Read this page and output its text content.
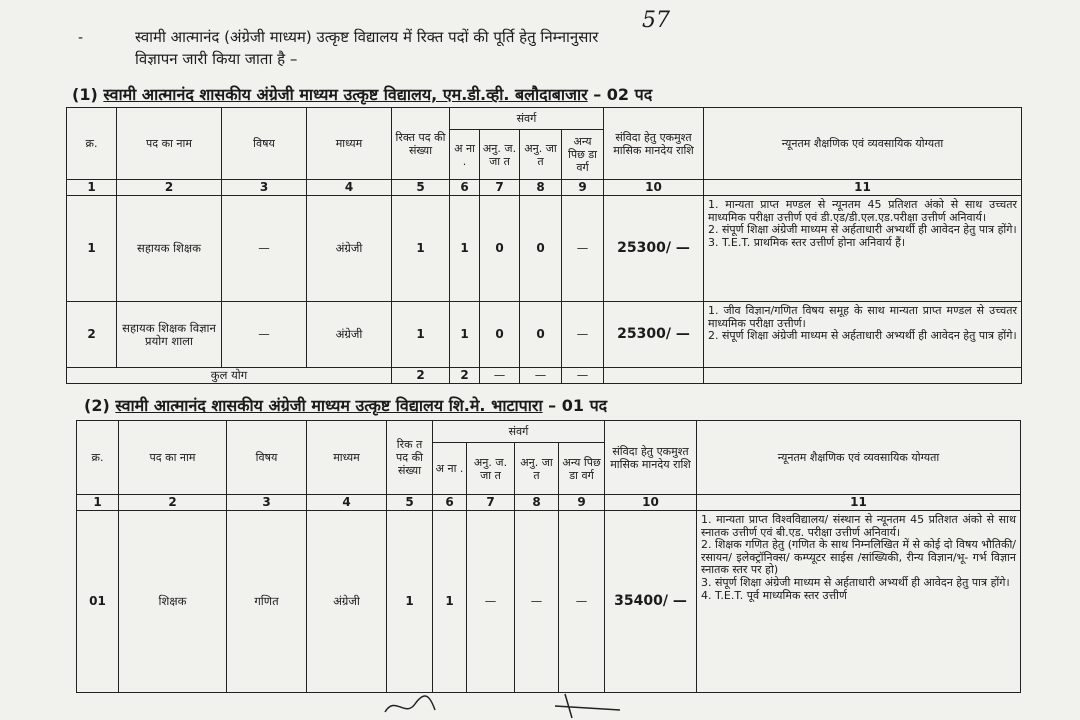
-
57
स्वामी आत्मानंद (अंग्रेजी माध्यम) उत्कृष्ट विद्यालय में रिक्त पदों की पूर्ति हेतु निम्नानुसार
विज्ञापन जारी किया जाता है –
(1) स्वामी आत्मानंद शासकीय अंग्रेजी माध्यम उत्कृष्ट विद्यालय, एम.डी.व्ही. बलौदाबाजार – 02 पद
क्र.	पद का नाम	विषय	माध्यम	रिक्त पद की संख्या	संवर्ग				संविदा हेतु एकमुश्त मासिक मानदेय राशि	न्यूनतम शैक्षणिक एवं व्यवसायिक योग्यता
					अ ना .	अनु. ज. जा त	अनु. जा त	अन्य पिछ डा वर्ग		
1	2	3	4	5	6	7	8	9	10	11
1	सहायक शिक्षक	—	अंग्रेजी	1	1	0	0	—	25300/ —	1. मान्यता प्राप्त मण्डल से न्यूनतम 45 प्रतिशत अंको से साथ उच्चतर माध्यमिक परीक्षा उत्तीर्ण एवं डी.एड/डी.एल.एड.परीक्षा उत्तीर्ण अनिवार्य।
2. संपूर्ण शिक्षा अंग्रेजी माध्यम से अर्हताधारी अभ्यर्थी ही आवेदन हेतु पात्र होंगे।
3. T.E.T. प्राथमिक स्तर उत्तीर्ण होना अनिवार्य हैं।

2	सहायक शिक्षक विज्ञान प्रयोग शाला	—	अंग्रेजी	1	1	0	0	—	25300/ —	1. जीव विज्ञान/गणित विषय समूह के साथ मान्यता प्राप्त मण्डल से उच्चतर माध्यमिक परीक्षा उत्तीर्ण।
2. संपूर्ण शिक्षा अंग्रेजी माध्यम से अर्हताधारी अभ्यर्थी ही आवेदन हेतु पात्र होंगे।

कुल योग				2	2	—	—	—		
(2) स्वामी आत्मानंद शासकीय अंग्रेजी माध्यम उत्कृष्ट विद्यालय शि.मे. भाटापारा – 01 पद
क्र.	पद का नाम	विषय	माध्यम	रिक त पद की संख्या	संवर्ग				संविदा हेतु एकमुश्त मासिक मानदेय राशि	न्यूनतम शैक्षणिक एवं व्यवसायिक योग्यता
					अ ना .	अनु. ज. जा त	अनु. जा त	अन्य पिछ डा वर्ग		
1	2	3	4	5	6	7	8	9	10	11
01	शिक्षक	गणित	अंग्रेजी	1	1	—	—	—	35400/ —	1. मान्यता प्राप्त विश्वविद्यालय/ संस्थान से न्यूनतम 45 प्रतिशत अंको से साथ स्नातक उत्तीर्ण एवं बी.एड. परीक्षा उत्तीर्ण अनिवार्य।
2. शिक्षक गणित हेतु (गणित के साथ निम्नलिखित में से कोई दो विषय भौतिकी/रसायन/ इलेक्ट्रॉनिक्स/ कम्प्यूटर साईस /सांख्यिकी, रीन्य विज्ञान/भू- गर्भ विज्ञान स्नातक स्तर पर हो)
3. संपूर्ण शिक्षा अंग्रेजी माध्यम से अर्हताधारी अभ्यर्थी ही आवेदन हेतु पात्र होंगे।
4. T.E.T. पूर्व माध्यमिक स्तर उत्तीर्ण
